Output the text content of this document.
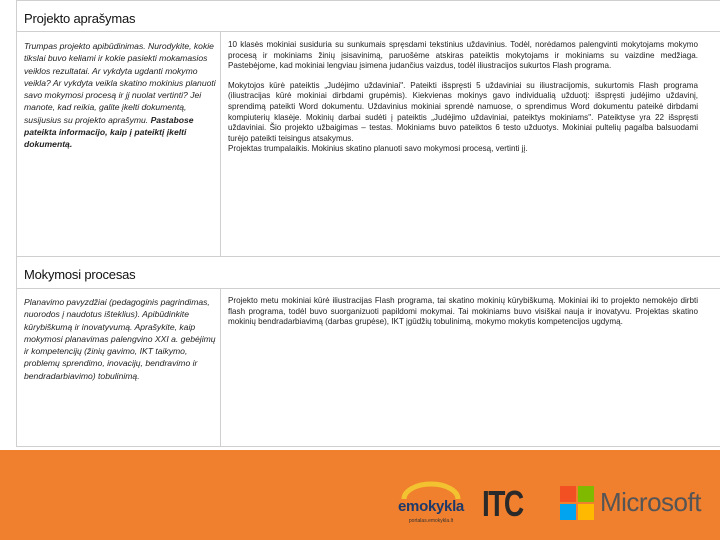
Projekto aprašymas
Trumpas projekto apibūdinimas. Nurodykite, kokie tikslai buvo keliami ir kokie pasiekti mokamasios veiklos rezultatai. Ar vykdyta ugdanti mokymo veikla? Ar vykdyta veikla skatino mokinius planuoti savo mokymosi procesą ir jį nuolat vertinti? Jei manote, kad reikia, galite įkelti dokumentą, susijusius su projekto aprašymu. Pastabose pateikta informacijo, kaip į pateiktį įkelti dokumentą.

10 klasės mokiniai susiduria su sunkumais spręsdami tekstinius uždavinius. Todėl, norėdamos palengvinti mokytojams mokymo procesą ir mokiniams žinių įsisavinimą, paruošėme atskiras pateiktis mokytojams ir mokiniams su vaizdine medžiaga. Pastebėjome, kad mokiniai lengviau įsimena judančius vaizdus, todėl iliustracijos sukurtos Flash programa.

Mokytojos kūrė pateiktis „Judėjimo uždaviniai". Pateikti išspręsti 5 uždaviniai su iliustracijomis, sukurtomis Flash programa (iliustracijas kūrė mokiniai dirbdami grupėmis). Kiekvienas mokinys gavo individualią užduotį: išspręsti judėjimo uždavinį, sprendimą pateikti Word dokumentu. Uždavinius mokiniai sprendė namuose, o sprendimus Word dokumentu pateikė dirbdami kompiuterių klasėje. Mokinių darbai sudėti į pateiktis „Judėjimo uždaviniai, pateiktys mokiniams". Pateiktyse yra 22 išspręsti uždaviniai. Šio projekto užbaigimas – testas. Mokiniams buvo pateiktos 6 testo užduotys. Mokiniai pultelių pagalba balsuodami turėjo pateikti teisingus atsakymus.

Projektas trumpalaikis. Mokinius skatino planuoti savo mokymosi procesą, vertinti jį.

Mokymosi procesas
Planavimo pavyzdžiai (pedagoginis pagrindimas, nuorodos į naudotus išteklius). Apibūdinkite kūrybiškumą ir inovatyvumą. Aprašykite, kaip mokymosi planavimas palengvino XXI a. gebėjimų ir kompetencijų (žinių gavimo, IKT taikymo, problemų sprendimo, inovacijų, bendravimo ir bendradarbiavimo) tobulinimą.

Projekto metu mokiniai kūrė iliustracijas Flash programa, tai skatino mokinių kūrybiškumą. Mokiniai iki to projekto nemokėjo dirbti flash programa, todėl buvo suorganizuoti papildomi mokymai. Tai mokiniams buvo visiškai nauja ir inovatyvu. Projektas skatino mokinių bendradarbiavimą (darbas grupėse), IKT įgūdžių tobulinimą, mokymo mokytis kompetencijos ugdymą.

emokykla
portalas.emokykla.lt ITC	Microsoft
